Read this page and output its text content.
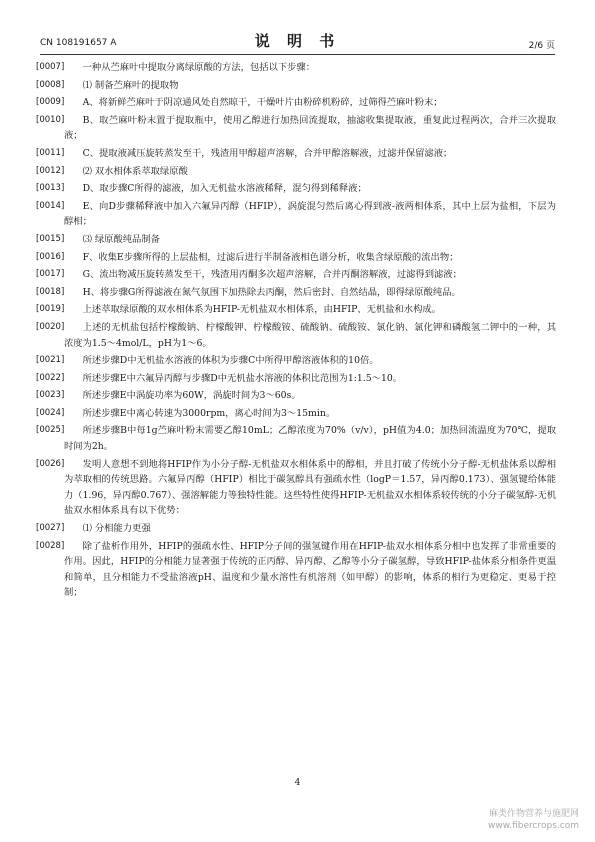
CN 108191657 A	说 明 书	2/6 页
[0007]	一种从苎麻叶中提取分离绿原酸的方法，包括以下步骤：
[0008]	⑴ 制备苎麻叶的提取物
[0009]	A、将新鲜苎麻叶于阴凉通风处自然晾干，干燥叶片由粉碎机粉碎，过筛得苎麻叶粉末；
[0010]	B、取苎麻叶粉末置于提取瓶中，使用乙醇进行加热回流提取，抽滤收集提取液，重复此过程两次，合并三次提取液；
[0011]	C、提取液减压旋转蒸发至干，残渣用甲醇超声溶解，合并甲醇溶解液，过滤并保留滤液；
[0012]	⑵ 双水相体系萃取绿原酸
[0013]	D、取步骤C所得的滤液，加入无机盐水溶液稀释，混匀得到稀释液；
[0014]	E、向D步骤稀释液中加入六氟异丙醇（HFIP），涡旋混匀然后离心得到液-液两相体系，其中上层为盐相，下层为醇相；
[0015]	⑶ 绿原酸纯品制备
[0016]	F、收集E步骤所得的上层盐相，过滤后进行半制备液相色谱分析，收集含绿原酸的流出物；
[0017]	G、流出物减压旋转蒸发至干，残渣用丙酮多次超声溶解，合并丙酮溶解液，过滤得到滤液；
[0018]	H、将步骤G所得滤液在氮气氛围下加热除去丙酮，然后密封、自然结晶，即得绿原酸纯品。
[0019]	上述萃取绿原酸的双水相体系为HFIP-无机盐双水相体系，由HFIP、无机盐和水构成。
[0020]	上述的无机盐包括柠檬酸钠、柠檬酸钾、柠檬酸铵、硫酸钠、硫酸铵、氯化钠、氯化钾和磷酸氢二钾中的一种，其浓度为1.5～4mol/L，pH为1～6。
[0021]	所述步骤D中无机盐水溶液的体积为步骤C中所得甲醇溶液体积的10倍。
[0022]	所述步骤E中六氟异丙醇与步骤D中无机盐水溶液的体积比范围为1:1.5～10。
[0023]	所述步骤E中涡旋功率为60W，涡旋时间为3～60s。
[0024]	所述步骤E中离心转速为3000rpm，离心时间为3～15min。
[0025]	所述步骤B中每1g苎麻叶粉末需要乙醇10mL；乙醇浓度为70%（v/v），pH值为4.0；加热回流温度为70℃，提取时间为2h。
[0026]	发明人意想不到地将HFIP作为小分子醇-无机盐双水相体系中的醇相，并且打破了传统小分子醇-无机盐体系以醇相为萃取相的传统思路。六氟异丙醇（HFIP）相比于碳氢醇具有强疏水性（logP＝1.57，异丙醇0.173）、强氢键给体能力（1.96，异丙醇0.767）、强溶解能力等独特性能。这些特性使得HFIP-无机盐双水相体系较传统的小分子碳氢醇-无机盐双水相体系具有以下优势：
[0027]	⑴ 分相能力更强
[0028]	除了盐析作用外，HFIP的强疏水性、HFIP分子间的强氢键作用在HFIP-盐双水相体系分相中也发挥了非常重要的作用。因此，HFIP的分相能力显著强于传统的正丙醇、异丙醇、乙醇等小分子碳氢醇，导致HFIP-盐体系分相条件更温和简单，且分相能力不受盐溶液pH、温度和少量水溶性有机溶剂（如甲醇）的影响，体系的相行为更稳定、更易于控制；
4
麻类作物营养与施肥网
www.fibercrops.com
